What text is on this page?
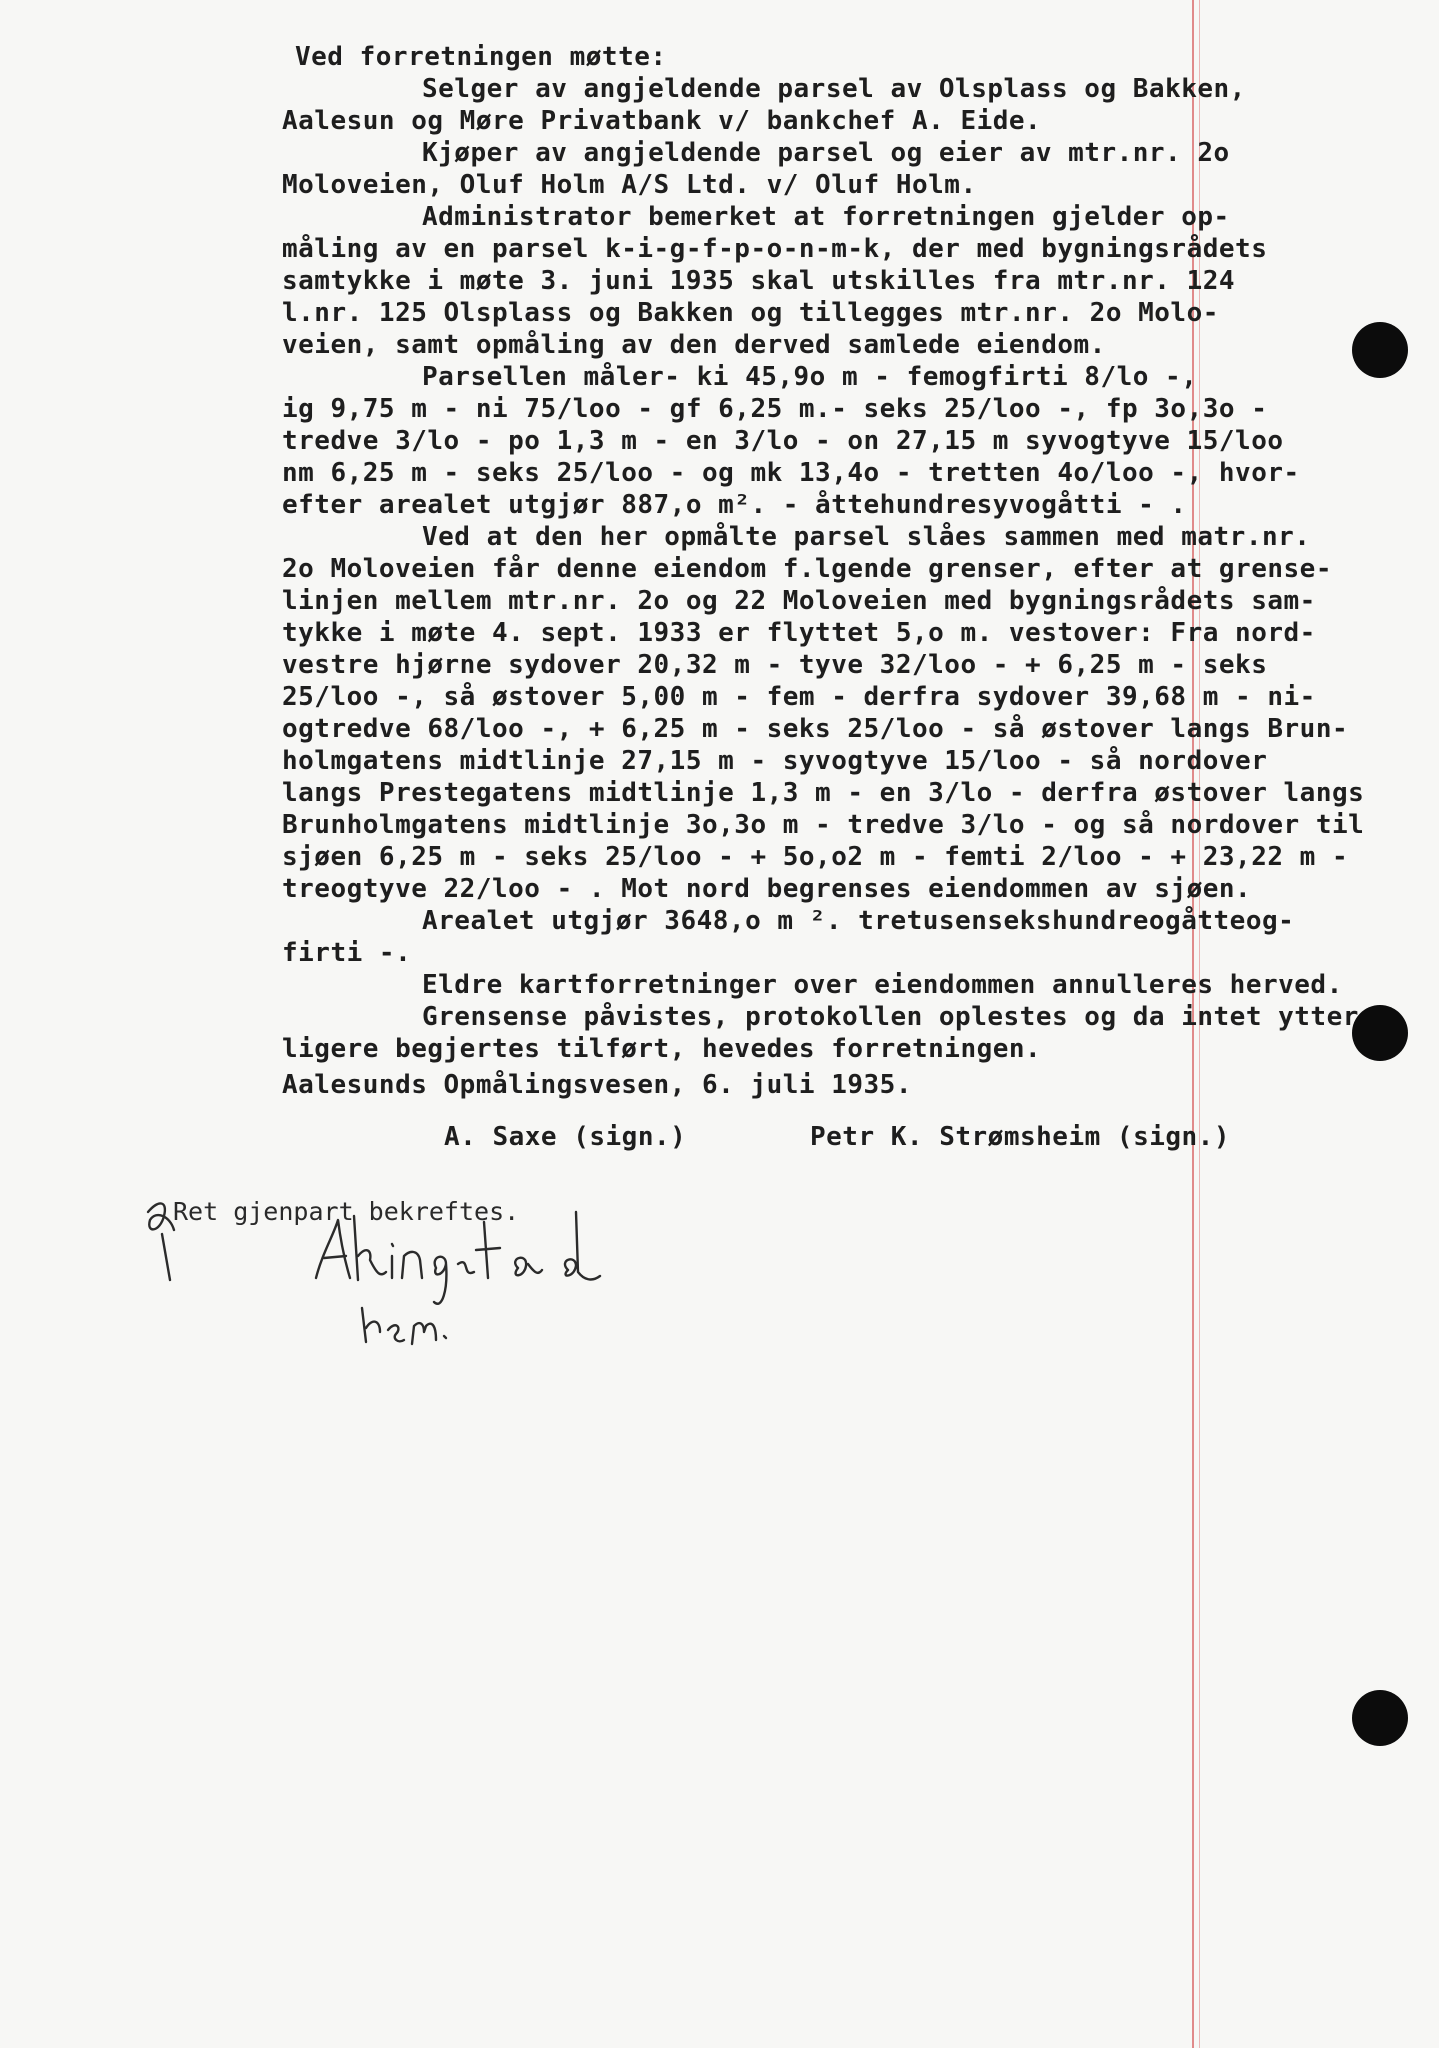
Ved forretningen møtte:
Selger av angjeldende parsel av Olsplass og Bakken,
Aalesun og Møre Privatbank v/ bankchef A. Eide.
Kjøper av angjeldende parsel og eier av mtr.nr. 2o
Moloveien, Oluf Holm A/S Ltd. v/ Oluf Holm.
Administrator bemerket at forretningen gjelder op-
måling av en parsel k-i-g-f-p-o-n-m-k, der med bygningsrådets
samtykke i møte 3. juni 1935 skal utskilles fra mtr.nr. 124
l.nr. 125 Olsplass og Bakken og tillegges mtr.nr. 2o Molo-
veien, samt opmåling av den derved samlede eiendom.
Parsellen måler- ki 45,9o m - femogfirti 8/lo -,
ig 9,75 m - ni 75/loo - gf 6,25 m.- seks 25/loo -, fp 3o,3o -
tredve 3/lo - po 1,3 m - en 3/lo - on 27,15 m syvogtyve 15/loo
nm 6,25 m - seks 25/loo - og mk 13,4o - tretten 4o/loo -, hvor-
efter arealet utgjør 887,o m². - åttehundresyvogåtti - .
Ved at den her opmålte parsel slåes sammen med matr.nr.
2o Moloveien får denne eiendom f.lgende grenser, efter at grense-
linjen mellem mtr.nr. 2o og 22 Moloveien med bygningsrådets sam-
tykke i møte 4. sept. 1933 er flyttet 5,o m. vestover: Fra nord-
vestre hjørne sydover 20,32 m - tyve 32/loo - + 6,25 m - seks
25/loo -, så østover 5,00 m - fem - derfra sydover 39,68 m - ni-
ogtredve 68/loo -, + 6,25 m - seks 25/loo - så østover langs Brun-
holmgatens midtlinje 27,15 m - syvogtyve 15/loo - så nordover
langs Prestegatens midtlinje 1,3 m - en 3/lo - derfra østover langs
Brunholmgatens midtlinje 3o,3o m - tredve 3/lo - og så nordover til
sjøen 6,25 m - seks 25/loo - + 5o,o2 m - femti 2/loo - + 23,22 m -
treogtyve 22/loo - . Mot nord begrenses eiendommen av sjøen.
Arealet utgjør 3648,o m ². tretusensekshundreogåtteog-
firti -.
Eldre kartforretninger over eiendommen annulleres herved.
Grensense påvistes, protokollen oplestes og da intet ytter
ligere begjertes tilført, hevedes forretningen.
Aalesunds Opmålingsvesen, 6. juli 1935.
A. Saxe (sign.)	Petr K. Strømsheim (sign.)
Ret gjenpart bekreftes.
